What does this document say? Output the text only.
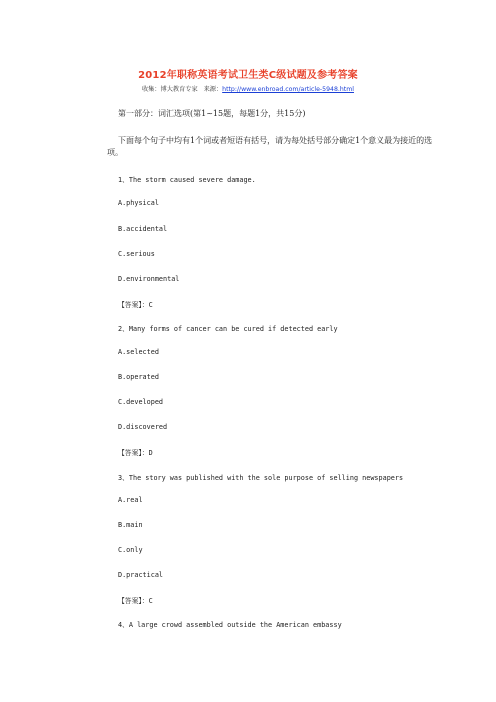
2012年职称英语考试卫生类C级试题及参考答案
收集：博大教育专家 来源：http://www.enbroad.com/article-5948.html
第一部分：词汇选项(第1~15题，每题1分，共15分)
下面每个句子中均有1个词或者短语有括号，请为每处括号部分确定1个意义最为接近的选项。
1、The storm caused severe damage.
A.physical
B.accidental
C.serious
D.environmental
【答案】：C
2、Many forms of cancer can be cured if detected early
A.selected
B.operated
C.developed
D.discovered
【答案】：D
3、The story was published with the sole purpose of selling newspapers
A.real
B.main
C.only
D.practical
【答案】：C
4、A large crowd assembled outside the American embassy
